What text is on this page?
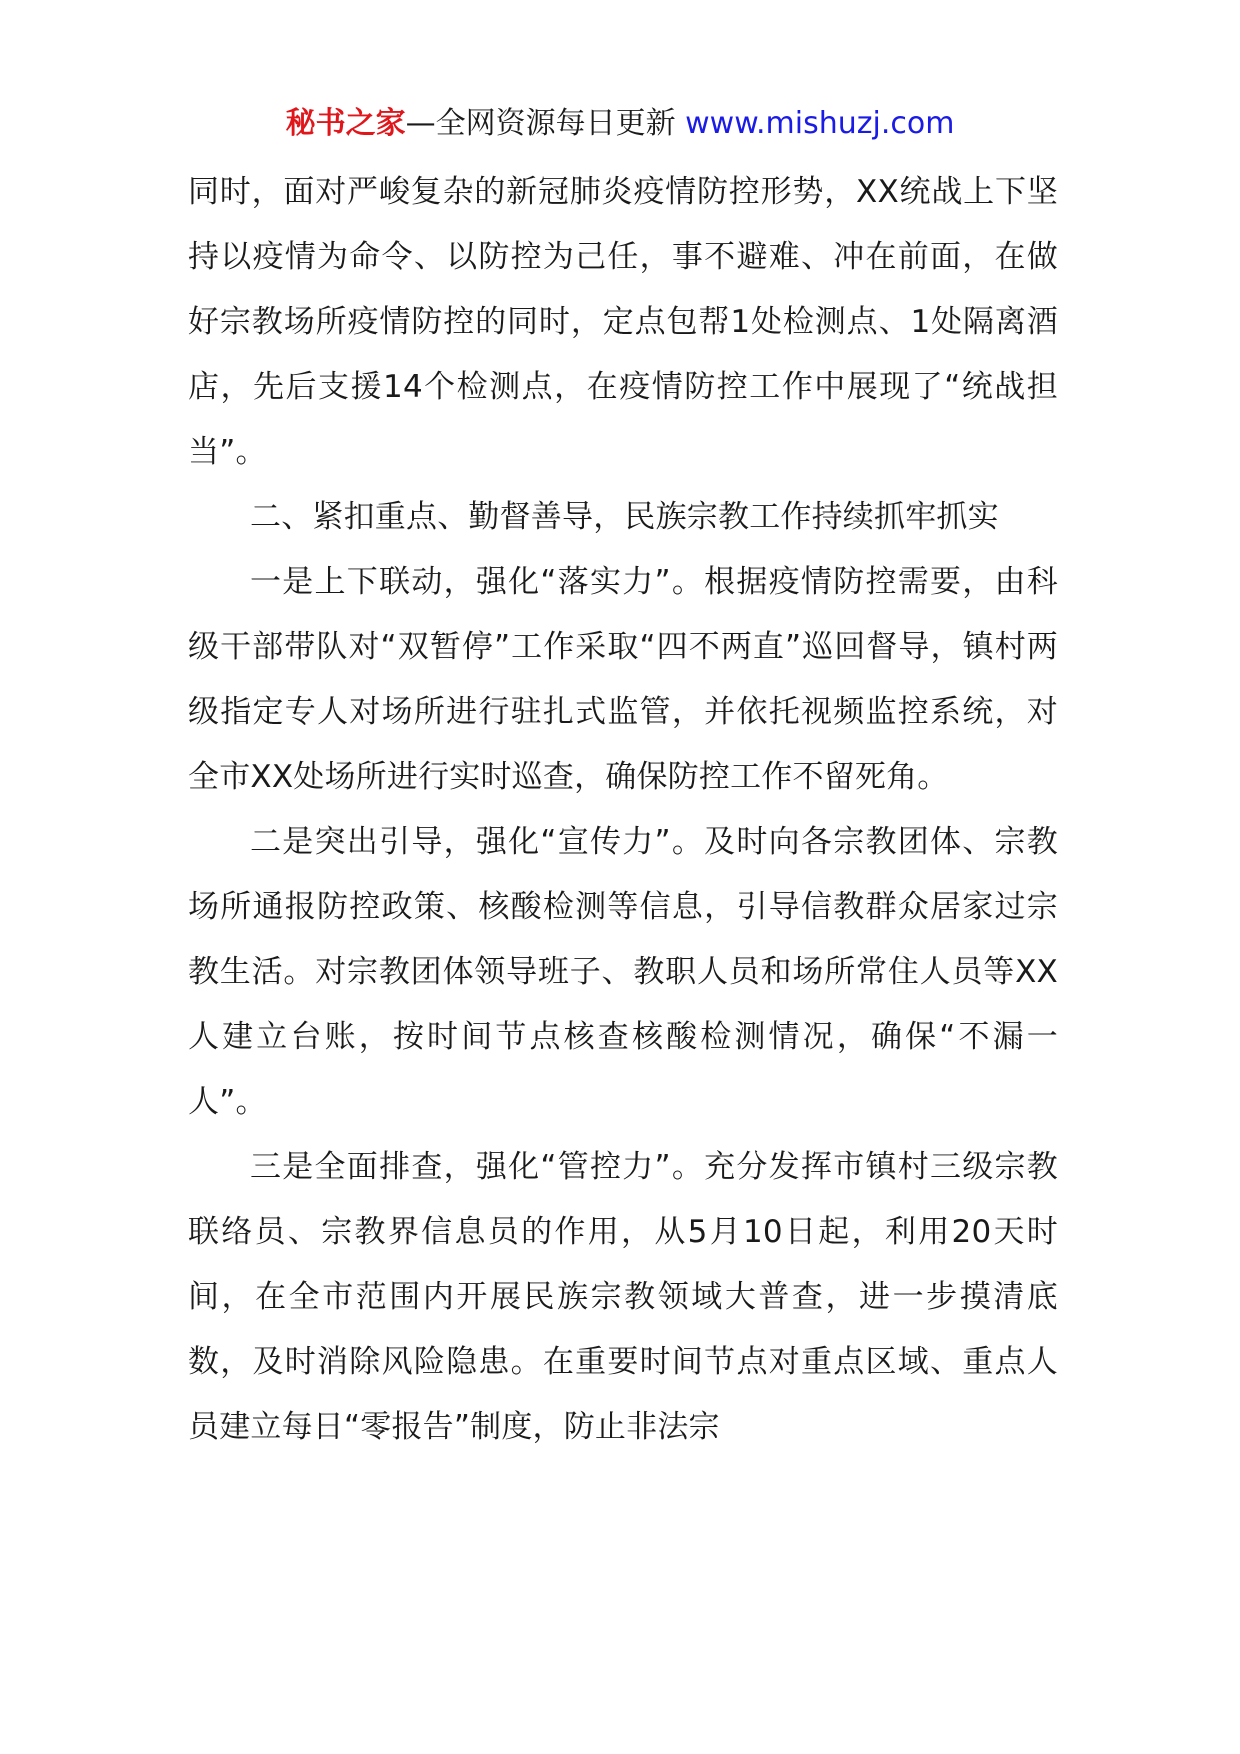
秘书之家—全网资源每日更新 www.mishuzj.com

同时，面对严峻复杂的新冠肺炎疫情防控形势，XX统战上下坚持以疫情为命令、以防控为己任，事不避难、冲在前面，在做好宗教场所疫情防控的同时，定点包帮1处检测点、1处隔离酒店，先后支援14个检测点，在疫情防控工作中展现了“统战担当”。

二、紧扣重点、勤督善导，民族宗教工作持续抓牢抓实

一是上下联动，强化“落实力”。根据疫情防控需要，由科级干部带队对“双暂停”工作采取“四不两直”巡回督导，镇村两级指定专人对场所进行驻扎式监管，并依托视频监控系统，对全市XX处场所进行实时巡查，确保防控工作不留死角。

二是突出引导，强化“宣传力”。及时向各宗教团体、宗教场所通报防控政策、核酸检测等信息，引导信教群众居家过宗教生活。对宗教团体领导班子、教职人员和场所常住人员等XX人建立台账，按时间节点核查核酸检测情况，确保“不漏一人”。

三是全面排查，强化“管控力”。充分发挥市镇村三级宗教联络员、宗教界信息员的作用，从5月10日起，利用20天时间，在全市范围内开展民族宗教领域大普查，进一步摸清底数，及时消除风险隐患。在重要时间节点对重点区域、重点人员建立每日“零报告”制度，防止非法宗
